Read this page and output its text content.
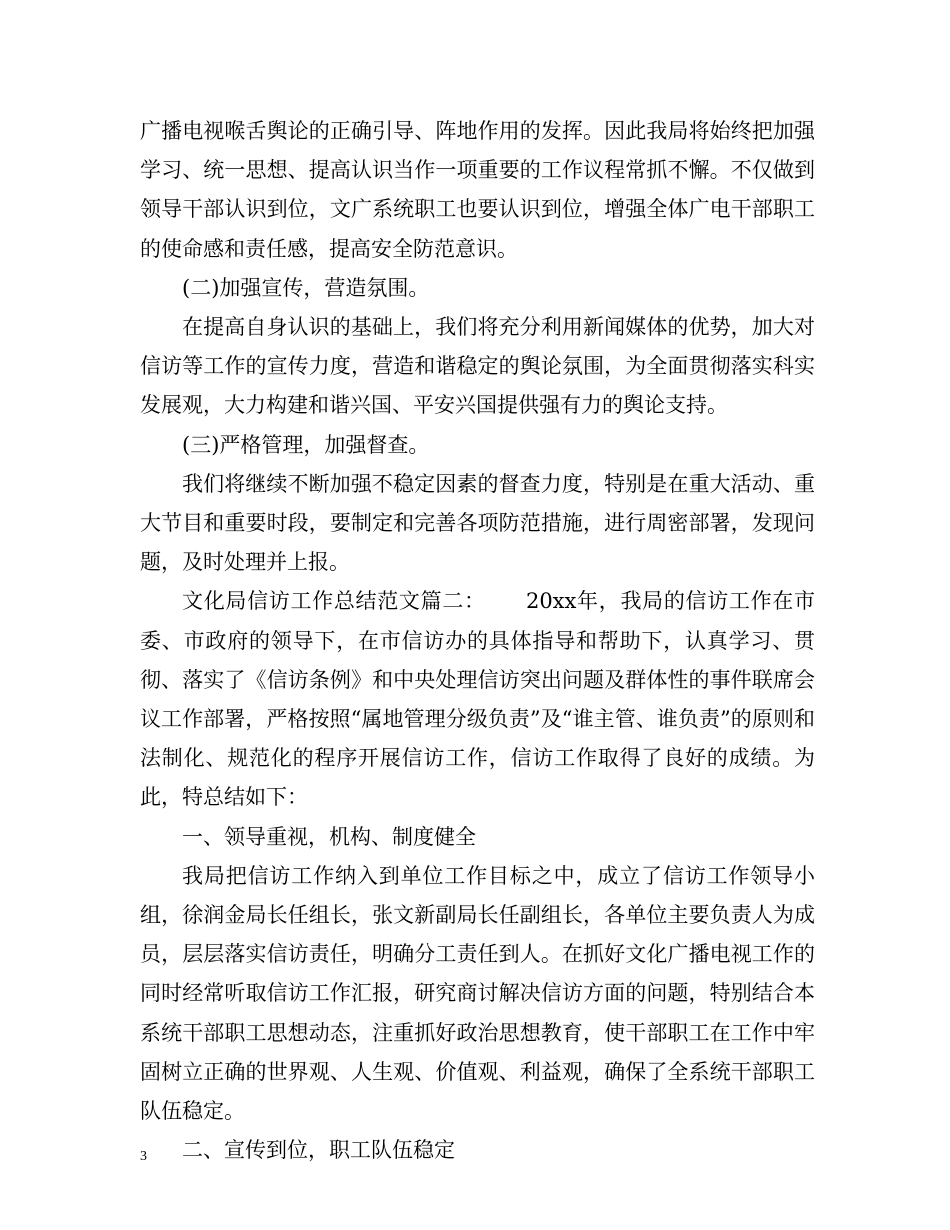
广播电视喉舌舆论的正确引导、阵地作用的发挥。因此我局将始终把加强学习、统一思想、提高认识当作一项重要的工作议程常抓不懈。不仅做到领导干部认识到位，文广系统职工也要认识到位，增强全体广电干部职工的使命感和责任感，提高安全防范意识。

(二)加强宣传，营造氛围。

在提高自身认识的基础上，我们将充分利用新闻媒体的优势，加大对信访等工作的宣传力度，营造和谐稳定的舆论氛围，为全面贯彻落实科实发展观，大力构建和谐兴国、平安兴国提供强有力的舆论支持。

(三)严格管理，加强督查。

我们将继续不断加强不稳定因素的督查力度，特别是在重大活动、重大节目和重要时段，要制定和完善各项防范措施，进行周密部署，发现问题，及时处理并上报。

文化局信访工作总结范文篇二：　　 20xx年，我局的信访工作在市委、市政府的领导下，在市信访办的具体指导和帮助下，认真学习、贯彻、落实了《信访条例》和中央处理信访突出问题及群体性的事件联席会议工作部署，严格按照“属地管理分级负责”及“谁主管、谁负责”的原则和法制化、规范化的程序开展信访工作，信访工作取得了良好的成绩。为此，特总结如下：

一、领导重视，机构、制度健全

我局把信访工作纳入到单位工作目标之中，成立了信访工作领导小组，徐润金局长任组长，张文新副局长任副组长，各单位主要负责人为成员，层层落实信访责任，明确分工责任到人。在抓好文化广播电视工作的同时经常听取信访工作汇报，研究商讨解决信访方面的问题，特别结合本系统干部职工思想动态，注重抓好政治思想教育，使干部职工在工作中牢固树立正确的世界观、人生观、价值观、利益观，确保了全系统干部职工队伍稳定。

二、宣传到位，职工队伍稳定

3
